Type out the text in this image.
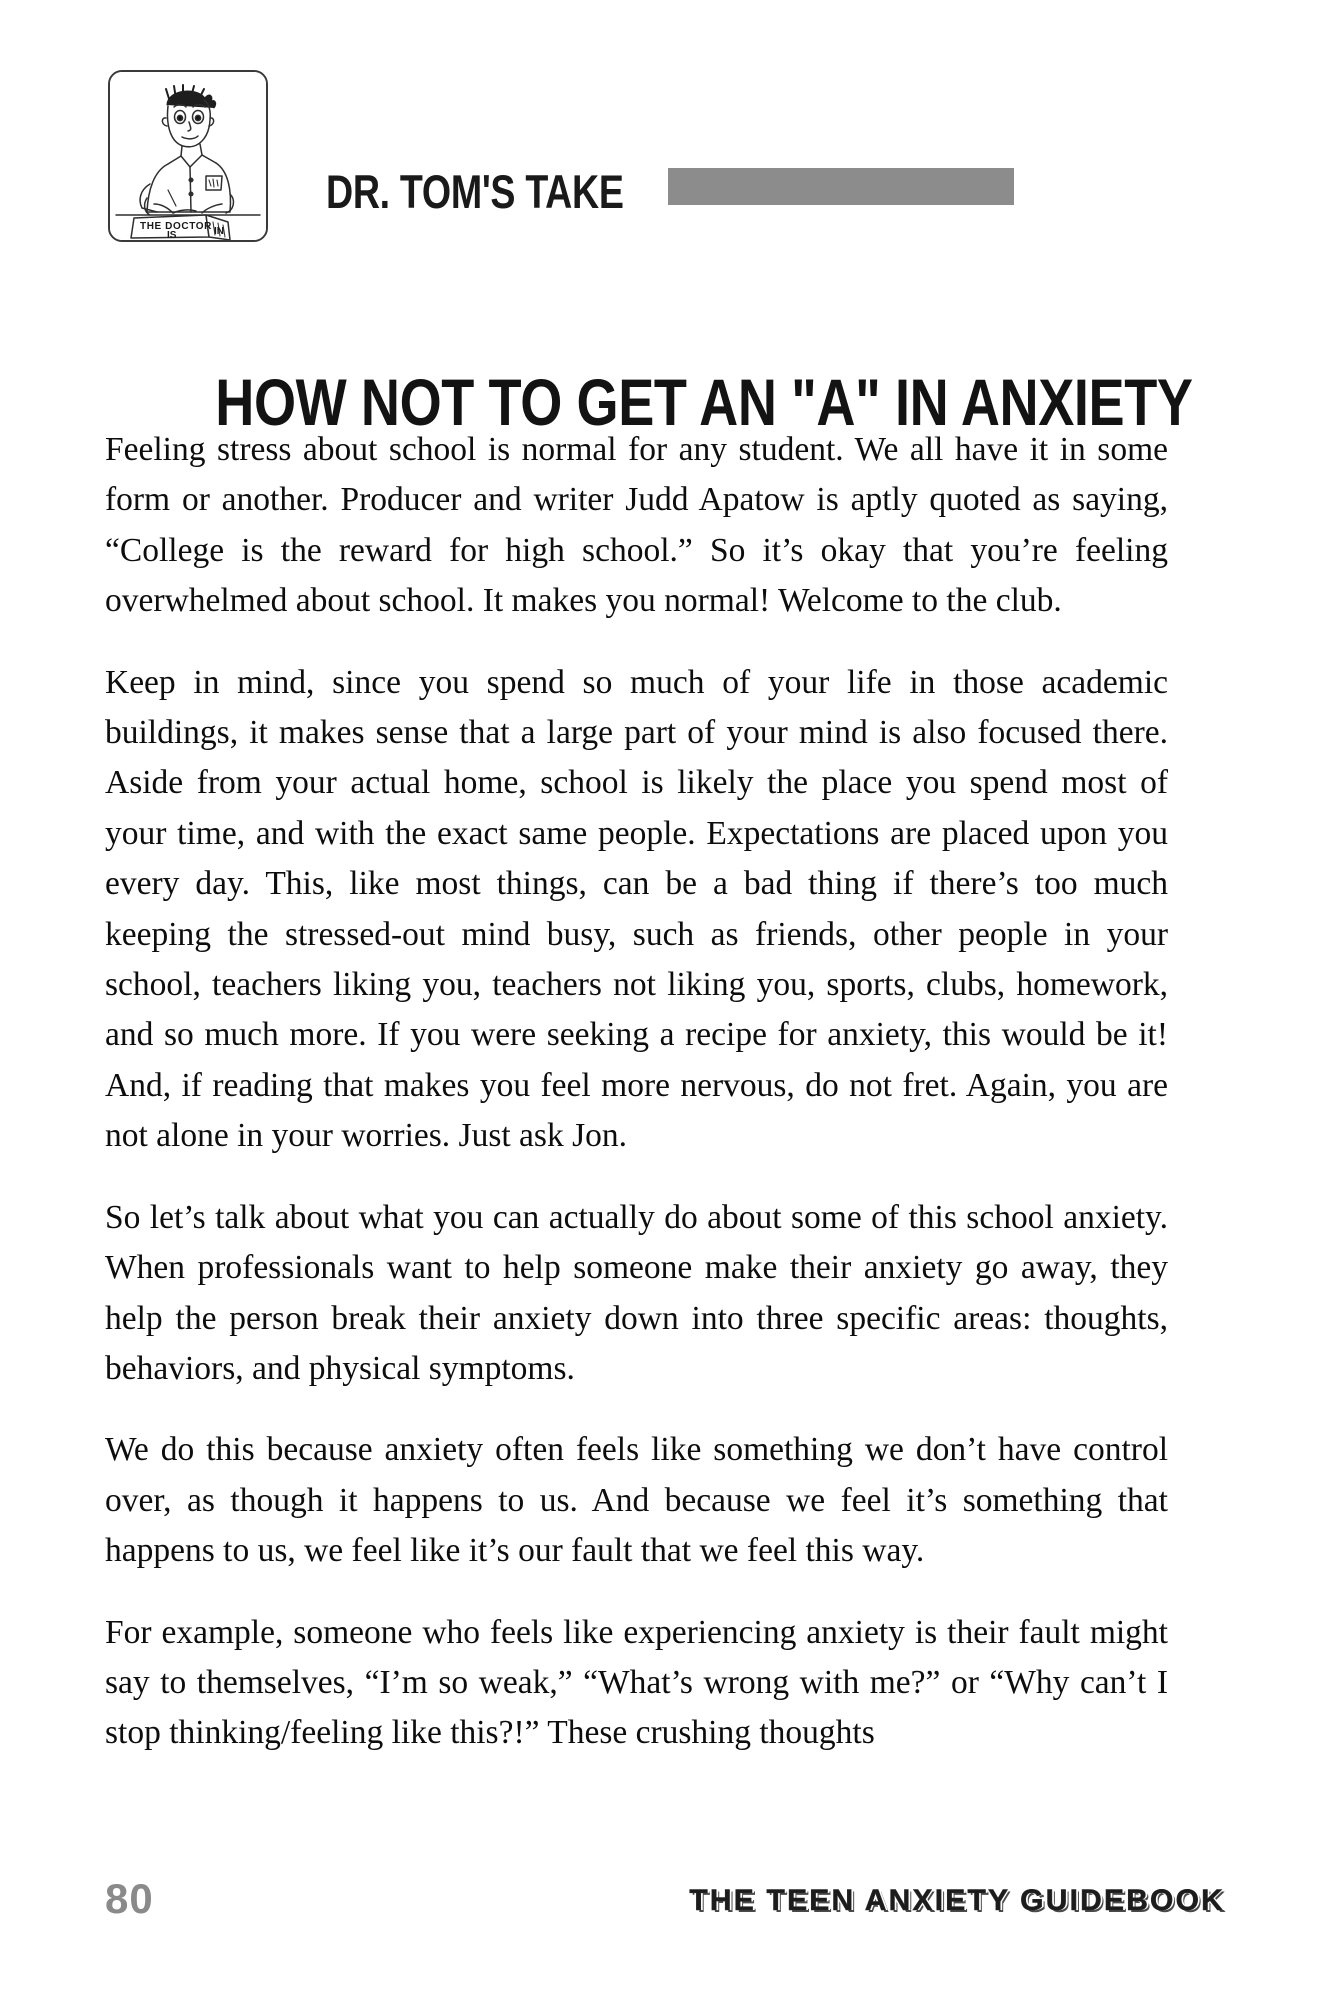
THE DOCTOR
IS	IN
DR. TOM'S TAKE
HOW NOT TO GET AN "A" IN ANXIETY

Feeling stress about school is normal for any student. We all have it in some form or another. Producer and writer Judd Apatow is aptly quoted as saying, “College is the reward for high school.” So it’s okay that you’re feeling overwhelmed about school. It makes you normal! Welcome to the club.

Keep in mind, since you spend so much of your life in those academic buildings, it makes sense that a large part of your mind is also focused there. Aside from your actual home, school is likely the place you spend most of your time, and with the exact same people. Expectations are placed upon you every day. This, like most things, can be a bad thing if there’s too much keeping the stressed-out mind busy, such as friends, other people in your school, teachers liking you, teachers not liking you, sports, clubs, homework, and so much more. If you were seeking a recipe for anxiety, this would be it! And, if reading that makes you feel more nervous, do not fret. Again, you are not alone in your worries. Just ask Jon.

So let’s talk about what you can actually do about some of this school anxiety. When professionals want to help someone make their anxiety go away, they help the person break their anxiety down into three specific areas: thoughts, behaviors, and physical symptoms.

We do this because anxiety often feels like something we don’t have control over, as though it happens to us. And because we feel it’s something that happens to us, we feel like it’s our fault that we feel this way.

For example, someone who feels like experiencing anxiety is their fault might say to themselves, “I’m so weak,” “What’s wrong with me?” or “Why can’t I stop thinking/feeling like this?!” These crushing thoughts

80	THE TEEN ANXIETY GUIDEBOOK
